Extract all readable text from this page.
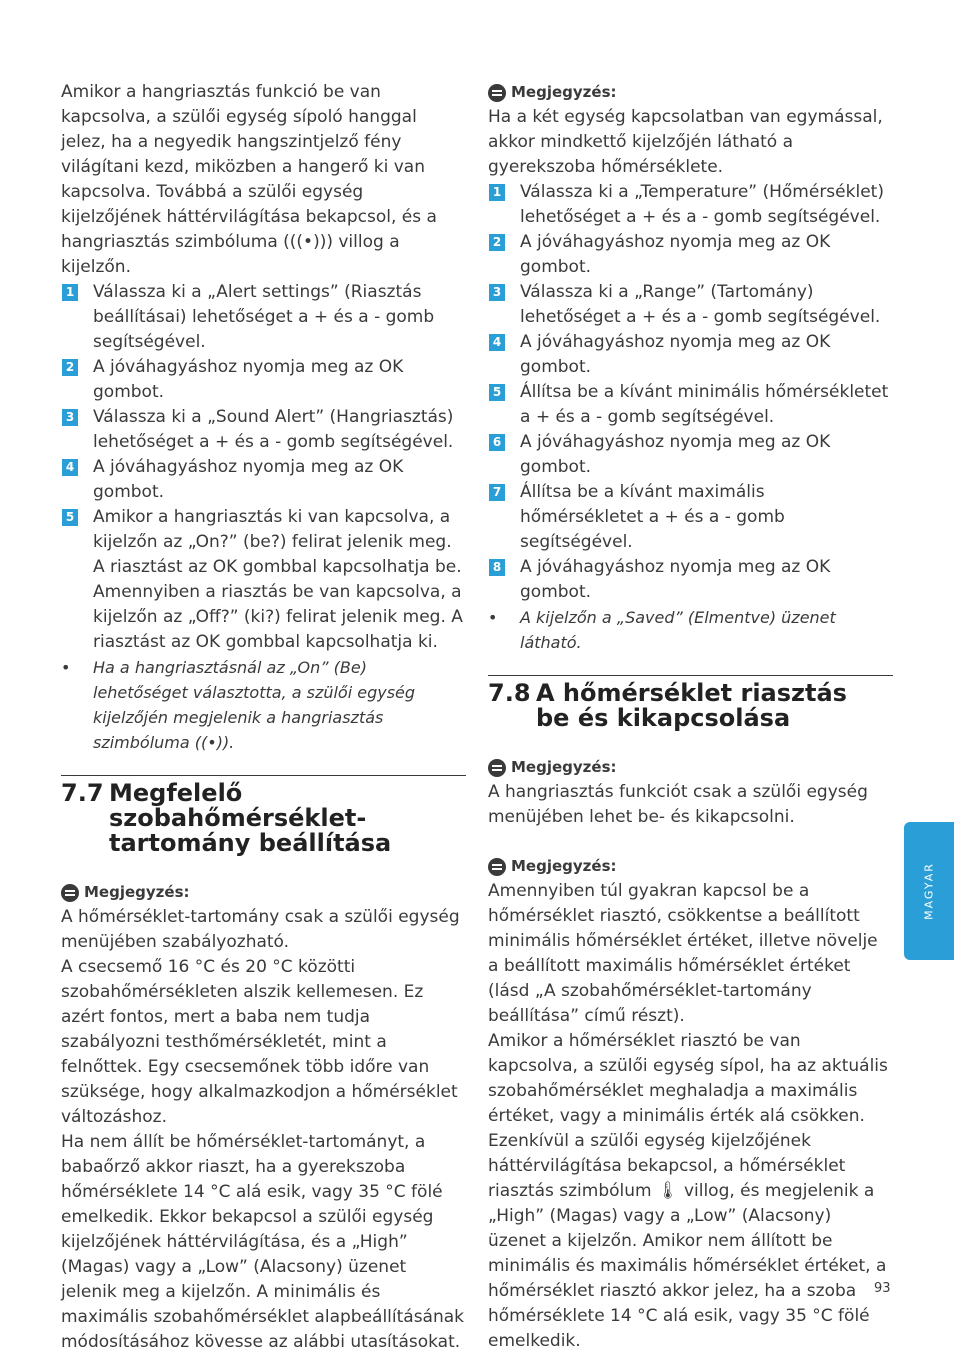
Amikor a hangriasztás funkció be van kapcsolva, a szülői egység sípoló hanggal jelez, ha a negyedik hangszintjelző fény világítani kezd, miközben a hangerő ki van kapcsolva. Továbbá a szülői egység kijelzőjének háttérvilágítása bekapcsol, és a hangriasztás szimbóluma (((•))) villog a kijelzőn.

1 Válassza ki a „Alert settings” (Riasztás beállításai) lehetőséget a + és a - gomb segítségével.
2 A jóváhagyáshoz nyomja meg az OK gombot.
3 Válassza ki a „Sound Alert” (Hangriasztás) lehetőséget a + és a - gomb segítségével.
4 A jóváhagyáshoz nyomja meg az OK gombot.
5 Amikor a hangriasztás ki van kapcsolva, a kijelzőn az „On?” (be?) felirat jelenik meg. A riasztást az OK gombbal kapcsolhatja be. Amennyiben a riasztás be van kapcsolva, a kijelzőn az „Off?” (ki?) felirat jelenik meg. A riasztást az OK gombbal kapcsolhatja ki.
• Ha a hangriasztásnál az „On” (Be) lehetőséget választotta, a szülői egység kijelzőjén megjelenik a hangriasztás szimbóluma ((•)).
7.7 Megfelelő szobahőmérséklet-tartomány beállítása

Megjegyzés:

A hőmérséklet-tartomány csak a szülői egység menüjében szabályozható.

A csecsemő 16 °C és 20 °C közötti szobahőmérsékleten alszik kellemesen. Ez azért fontos, mert a baba nem tudja szabályozni testhőmérsékletét, mint a felnőttek. Egy csecsemőnek több időre van szüksége, hogy alkalmazkodjon a hőmérséklet változáshoz.

Ha nem állít be hőmérséklet-tartományt, a babaőrző akkor riaszt, ha a gyerekszoba hőmérséklete 14 °C alá esik, vagy 35 °C fölé emelkedik. Ekkor bekapcsol a szülői egység kijelzőjének háttérvilágítása, és a „High” (Magas) vagy a „Low” (Alacsony) üzenet jelenik meg a kijelzőn. A minimális és maximális szobahőmérséklet alapbeállításának módosításához kövesse az alábbi utasításokat.

Megjegyzés:

Ha a két egység kapcsolatban van egymással, akkor mindkettő kijelzőjén látható a gyerekszoba hőmérséklete.

1 Válassza ki a „Temperature” (Hőmérséklet) lehetőséget a + és a - gomb segítségével.
2 A jóváhagyáshoz nyomja meg az OK gombot.
3 Válassza ki a „Range” (Tartomány) lehetőséget a + és a - gomb segítségével.
4 A jóváhagyáshoz nyomja meg az OK gombot.
5 Állítsa be a kívánt minimális hőmérsékletet a + és a - gomb segítségével.
6 A jóváhagyáshoz nyomja meg az OK gombot.
7 Állítsa be a kívánt maximális hőmérsékletet a + és a - gomb segítségével.
8 A jóváhagyáshoz nyomja meg az OK gombot.
• A kijelzőn a „Saved” (Elmentve) üzenet látható.
7.8 A hőmérséklet riasztás be és kikapcsolása

Megjegyzés:

A hangriasztás funkciót csak a szülői egység menüjében lehet be- és kikapcsolni.

Megjegyzés:

Amennyiben túl gyakran kapcsol be a hőmérséklet riasztó, csökkentse a beállított minimális hőmérséklet értéket, illetve növelje a beállított maximális hőmérséklet értéket (lásd „A szobahőmérséklet-tartomány beállítása” című részt).

Amikor a hőmérséklet riasztó be van kapcsolva, a szülői egység sípol, ha az aktuális szobahőmérséklet meghaladja a maximális értéket, vagy a minimális érték alá csökken. Ezenkívül a szülői egység kijelzőjének háttérvilágítása bekapcsol, a hőmérséklet riasztás szimbólum 🌡 villog, és megjelenik a „High” (Magas) vagy a „Low” (Alacsony) üzenet a kijelzőn. Amikor nem állított be minimális és maximális hőmérséklet értéket, a hőmérséklet riasztó akkor jelez, ha a szoba hőmérséklete 14 °C alá esik, vagy 35 °C fölé emelkedik.

MAGYAR
93
